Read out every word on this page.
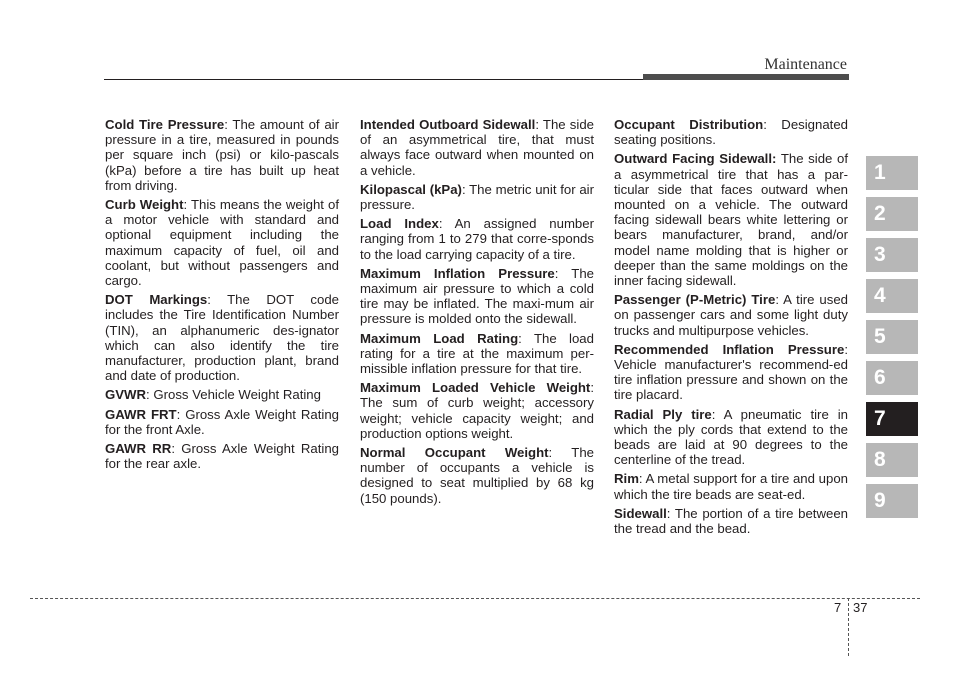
Maintenance

Cold Tire Pressure: The amount of air pressure in a tire, measured in pounds per square inch (psi) or kilo-pascals (kPa) before a tire has built up heat from driving.

Curb Weight: This means the weight of a motor vehicle with standard and optional equipment including the maximum capacity of fuel, oil and coolant, but without passengers and cargo.

DOT Markings: The DOT code includes the Tire Identification Number (TIN), an alphanumeric des-ignator which can also identify the tire manufacturer, production plant, brand and date of production.

GVWR: Gross Vehicle Weight Rating

GAWR FRT: Gross Axle Weight Rating for the front Axle.

GAWR RR: Gross Axle Weight Rating for the rear axle.

Intended Outboard Sidewall: The side of an asymmetrical tire, that must always face outward when mounted on a vehicle.

Kilopascal (kPa): The metric unit for air pressure.

Load Index: An assigned number ranging from 1 to 279 that corre-sponds to the load carrying capacity of a tire.

Maximum Inflation Pressure: The maximum air pressure to which a cold tire may be inflated. The maxi-mum air pressure is molded onto the sidewall.

Maximum Load Rating: The load rating for a tire at the maximum per-missible inflation pressure for that tire.

Maximum Loaded Vehicle Weight: The sum of curb weight; accessory weight; vehicle capacity weight; and production options weight.

Normal Occupant Weight: The number of occupants a vehicle is designed to seat multiplied by 68 kg (150 pounds).

Occupant Distribution: Designated seating positions.

Outward Facing Sidewall: The side of a asymmetrical tire that has a par-ticular side that faces outward when mounted on a vehicle. The outward facing sidewall bears white lettering or bears manufacturer, brand, and/or model name molding that is higher or deeper than the same moldings on the inner facing sidewall.

Passenger (P-Metric) Tire: A tire used on passenger cars and some light duty trucks and multipurpose vehicles.

Recommended Inflation Pressure: Vehicle manufacturer's recommend-ed tire inflation pressure and shown on the tire placard.

Radial Ply tire: A pneumatic tire in which the ply cords that extend to the beads are laid at 90 degrees to the centerline of the tread.

Rim: A metal support for a tire and upon which the tire beads are seat-ed.

Sidewall: The portion of a tire between the tread and the bead.

1
2
3
4
5
6
7
8
9
7 37
